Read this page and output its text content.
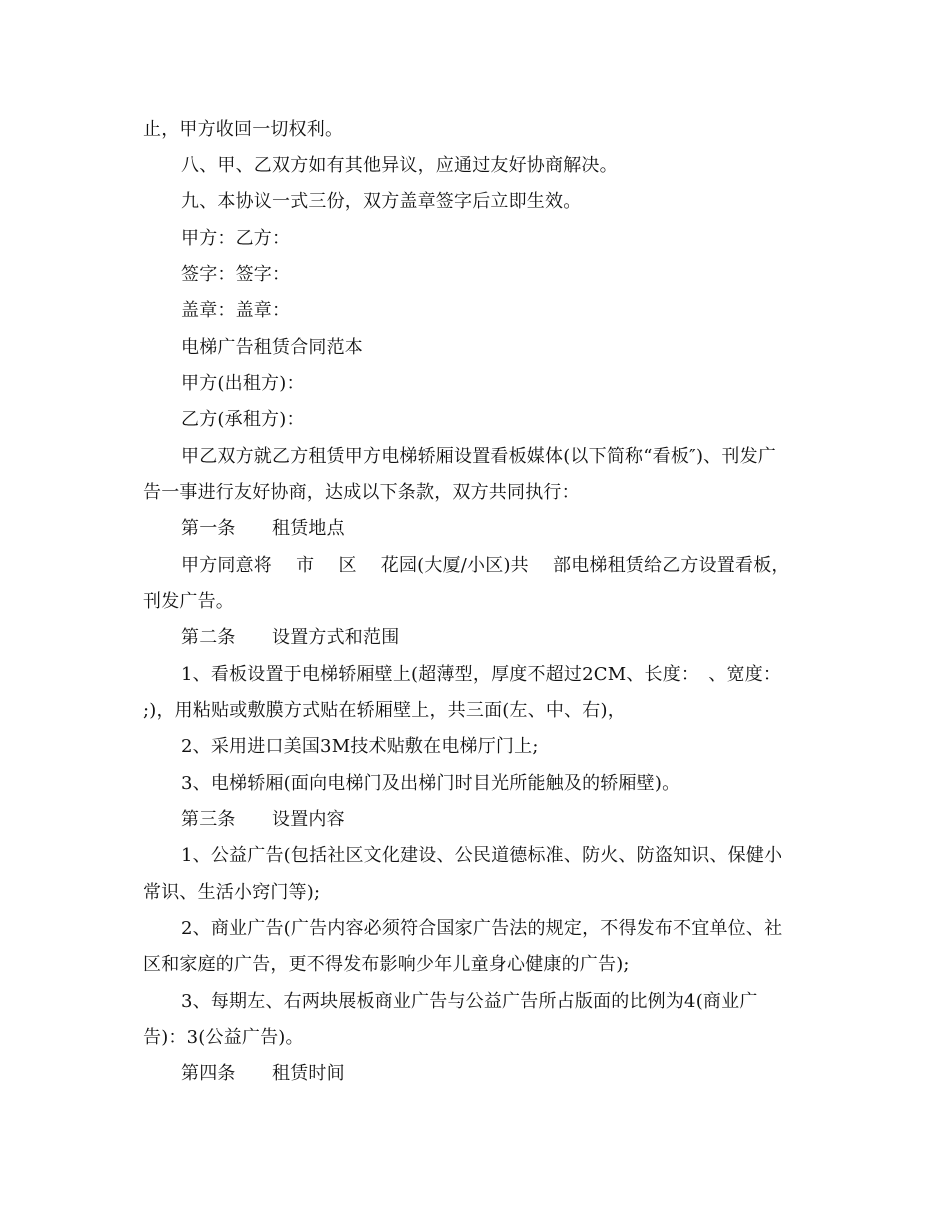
止，甲方收回一切权利。
八、甲、乙双方如有其他异议，应通过友好协商解决。
九、本协议一式三份，双方盖章签字后立即生效。
甲方：乙方：
签字：签字：
盖章：盖章：
电梯广告租赁合同范本
甲方(出租方)：
乙方(承租方)：
甲乙双方就乙方租赁甲方电梯轿厢设置看板媒体(以下简称“看板″)、刊发广
告一事进行友好协商，达成以下条款，双方共同执行：
第一条　　租赁地点
甲方同意将　 市　 区　 花园(大厦/小区)共　 部电梯租赁给乙方设置看板，
刊发广告。
第二条　　设置方式和范围
1、看板设置于电梯轿厢壁上(超薄型，厚度不超过2CM、长度：　、宽度：
;)，用粘贴或敷膜方式贴在轿厢壁上，共三面(左、中、右)，
2、采用进口美国3M技术贴敷在电梯厅门上;
3、电梯轿厢(面向电梯门及出梯门时目光所能触及的轿厢壁)。
第三条　　设置内容
1、公益广告(包括社区文化建设、公民道德标准、防火、防盗知识、保健小
常识、生活小窍门等);
2、商业广告(广告内容必须符合国家广告法的规定，不得发布不宜单位、社
区和家庭的广告，更不得发布影响少年儿童身心健康的广告);
3、每期左、右两块展板商业广告与公益广告所占版面的比例为4(商业广
告)：3(公益广告)。
第四条　　租赁时间
